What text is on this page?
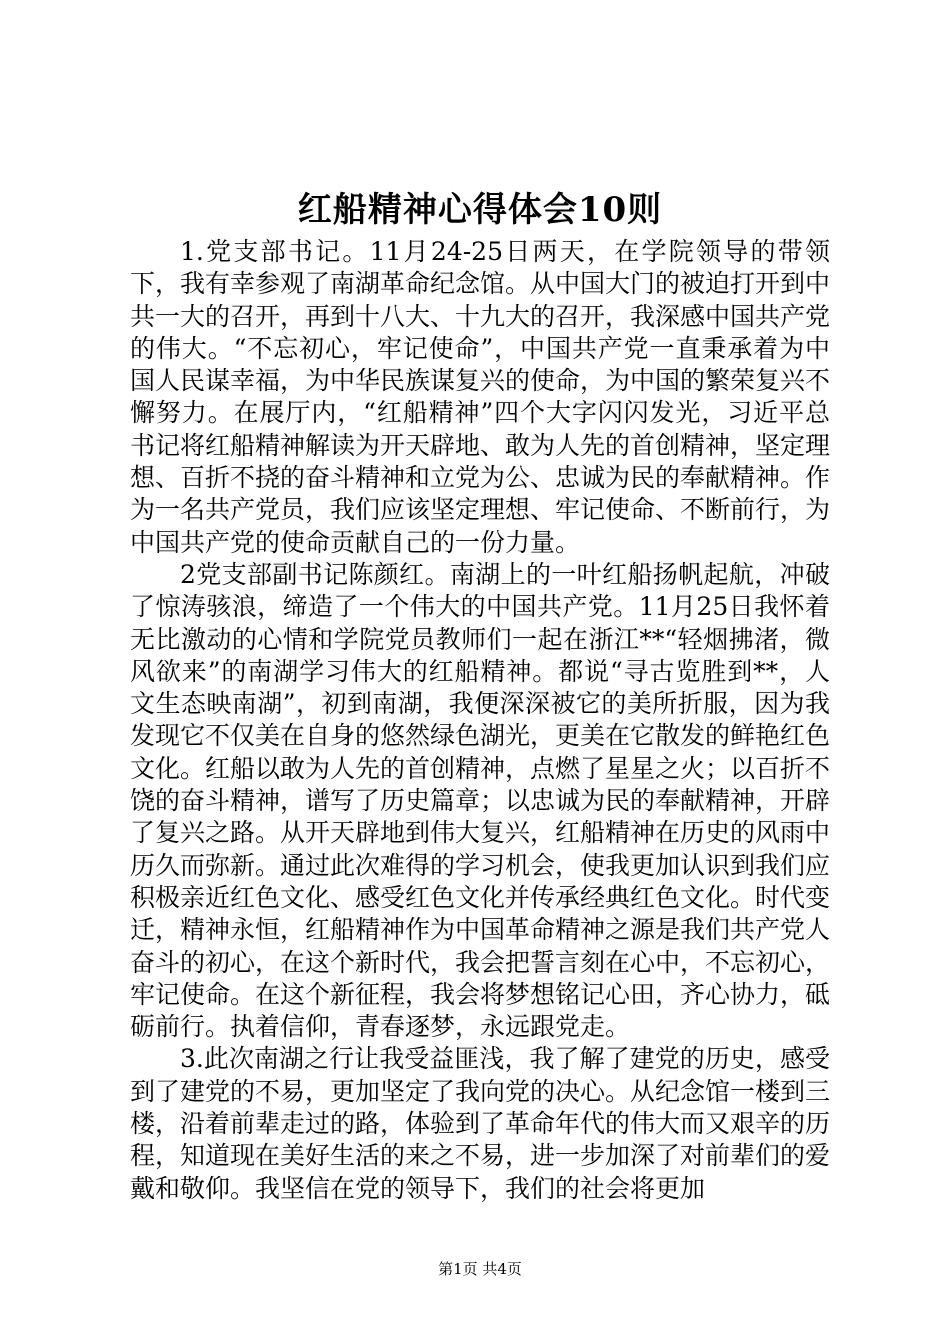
红船精神心得体会10则

1.党支部书记。11月24-25日两天，在学院领导的带领下，我有幸参观了南湖革命纪念馆。从中国大门的被迫打开到中共一大的召开，再到十八大、十九大的召开，我深感中国共产党的伟大。“不忘初心，牢记使命”，中国共产党一直秉承着为中国人民谋幸福，为中华民族谋复兴的使命，为中国的繁荣复兴不懈努力。在展厅内，“红船精神”四个大字闪闪发光，习近平总书记将红船精神解读为开天辟地、敢为人先的首创精神，坚定理想、百折不挠的奋斗精神和立党为公、忠诚为民的奉献精神。作为一名共产党员，我们应该坚定理想、牢记使命、不断前行，为中国共产党的使命贡献自己的一份力量。

2党支部副书记陈颜红。南湖上的一叶红船扬帆起航，冲破了惊涛骇浪，缔造了一个伟大的中国共产党。11月25日我怀着无比激动的心情和学院党员教师们一起在浙江**“轻烟拂渚，微风欲来”的南湖学习伟大的红船精神。都说“寻古览胜到**，人文生态映南湖”，初到南湖，我便深深被它的美所折服，因为我发现它不仅美在自身的悠然绿色湖光，更美在它散发的鲜艳红色文化。红船以敢为人先的首创精神，点燃了星星之火；以百折不饶的奋斗精神，谱写了历史篇章；以忠诚为民的奉献精神，开辟了复兴之路。从开天辟地到伟大复兴，红船精神在历史的风雨中历久而弥新。通过此次难得的学习机会，使我更加认识到我们应积极亲近红色文化、感受红色文化并传承经典红色文化。时代变迁，精神永恒，红船精神作为中国革命精神之源是我们共产党人奋斗的初心，在这个新时代，我会把誓言刻在心中，不忘初心，牢记使命。在这个新征程，我会将梦想铭记心田，齐心协力，砥砺前行。执着信仰，青春逐梦，永远跟党走。

3.此次南湖之行让我受益匪浅，我了解了建党的历史，感受到了建党的不易，更加坚定了我向党的决心。从纪念馆一楼到三楼，沿着前辈走过的路，体验到了革命年代的伟大而又艰辛的历程，知道现在美好生活的来之不易，进一步加深了对前辈们的爱戴和敬仰。我坚信在党的领导下，我们的社会将更加

第1页 共4页
